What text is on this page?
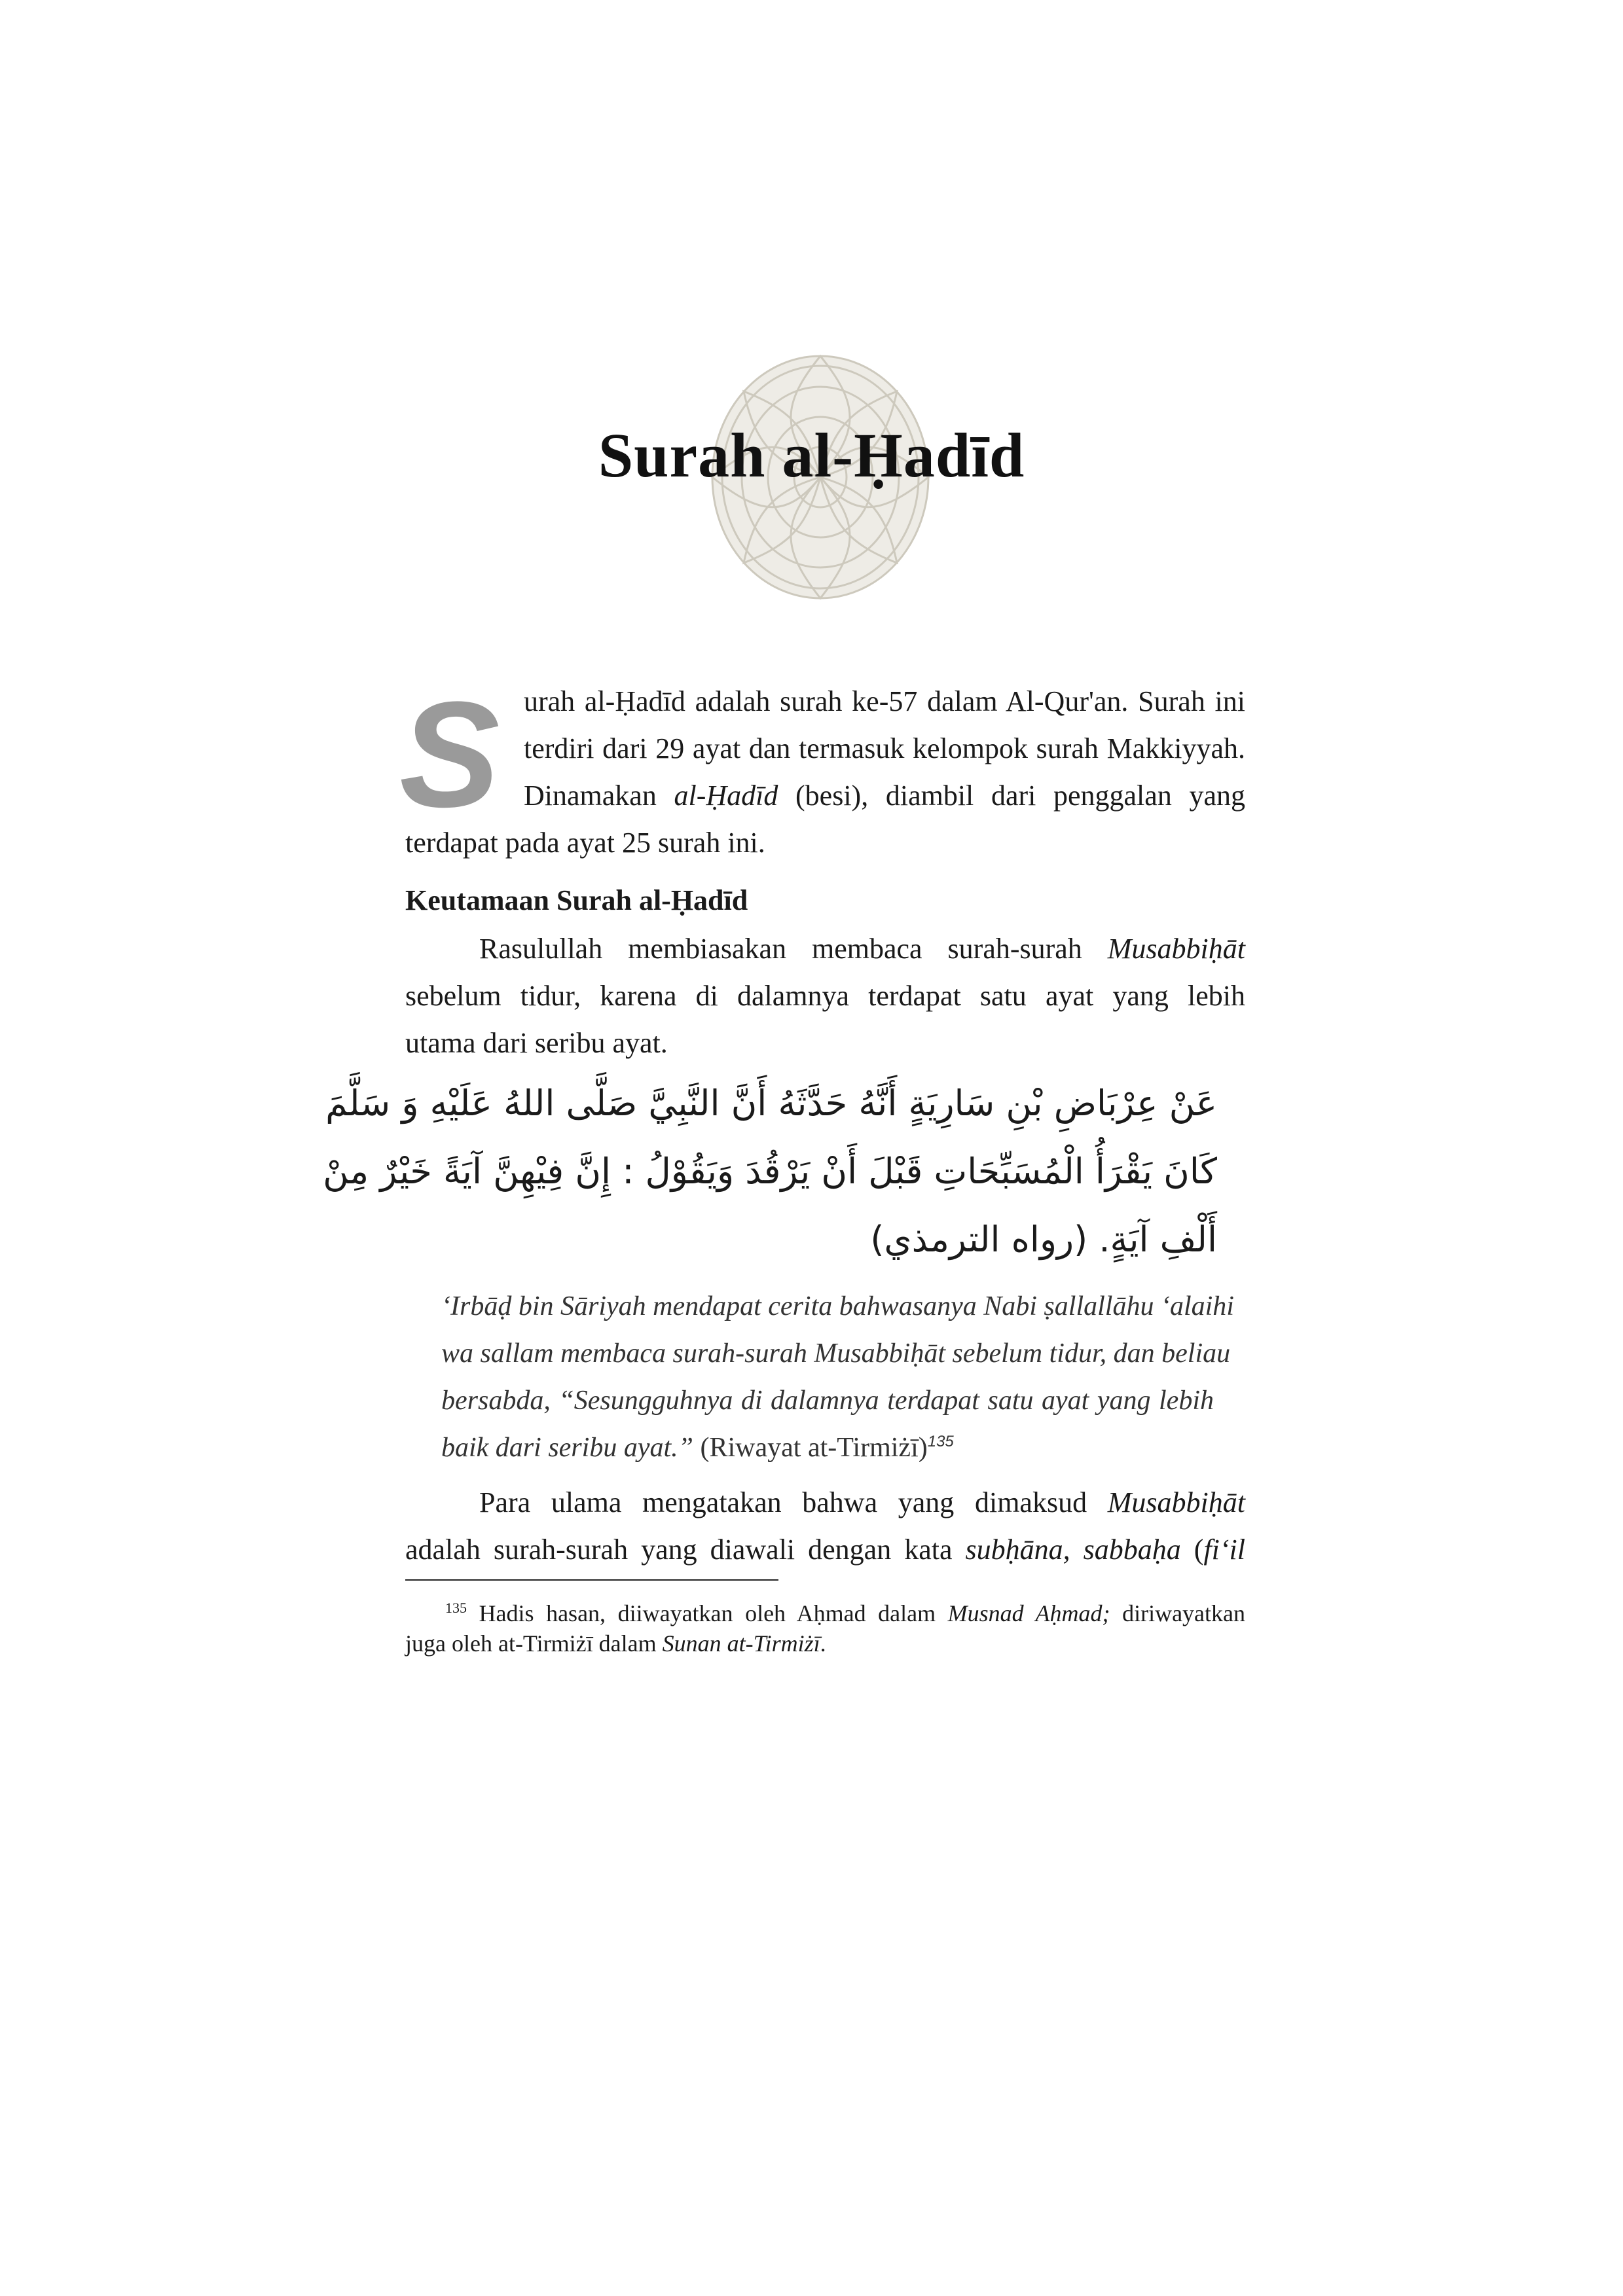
Surah al-Ḥadīd
S urah al-Ḥadīd adalah surah ke-57 dalam Al-Qur'an. Surah ini
terdiri dari 29 ayat dan termasuk kelompok surah Makkiyyah.
Dinamakan al-Ḥadīd (besi), diambil dari penggalan yang
terdapat pada ayat 25 surah ini.
Keutamaan Surah al-Ḥadīd
Rasulullah membiasakan membaca surah-surah Musabbiḥāt
sebelum tidur, karena di dalamnya terdapat satu ayat yang lebih
utama dari seribu ayat.
عَنْ عِرْبَاضِ بْنِ سَارِيَةٍ أَنَّهُ حَدَّثَهُ أَنَّ النَّبِيَّ صَلَّى اللهُ عَلَيْهِ وَ سَلَّمَ
كَانَ يَقْرَأُ الْمُسَبِّحَاتِ قَبْلَ أَنْ يَرْقُدَ وَيَقُوْلُ : إِنَّ فِيْهِنَّ آيَةً خَيْرٌ مِنْ
أَلْفِ آيَةٍ. (رواه الترمذي)
‘Irbāḍ bin Sāriyah mendapat cerita bahwasanya Nabi ṣallallāhu ‘alaihi
wa sallam membaca surah-surah Musabbiḥāt sebelum tidur, dan beliau
bersabda, “Sesungguhnya di dalamnya terdapat satu ayat yang lebih
baik dari seribu ayat.” (Riwayat at-Tirmiżī)$^{135}$
Para ulama mengatakan bahwa yang dimaksud Musabbiḥāt
adalah surah-surah yang diawali dengan kata subḥāna, sabbaḥa (fi‘il
$^{135}$ Hadis hasan, diiwayatkan oleh Aḥmad dalam Musnad Aḥmad; diriwayatkan
juga oleh at-Tirmiżī dalam Sunan at-Tirmiżī.
